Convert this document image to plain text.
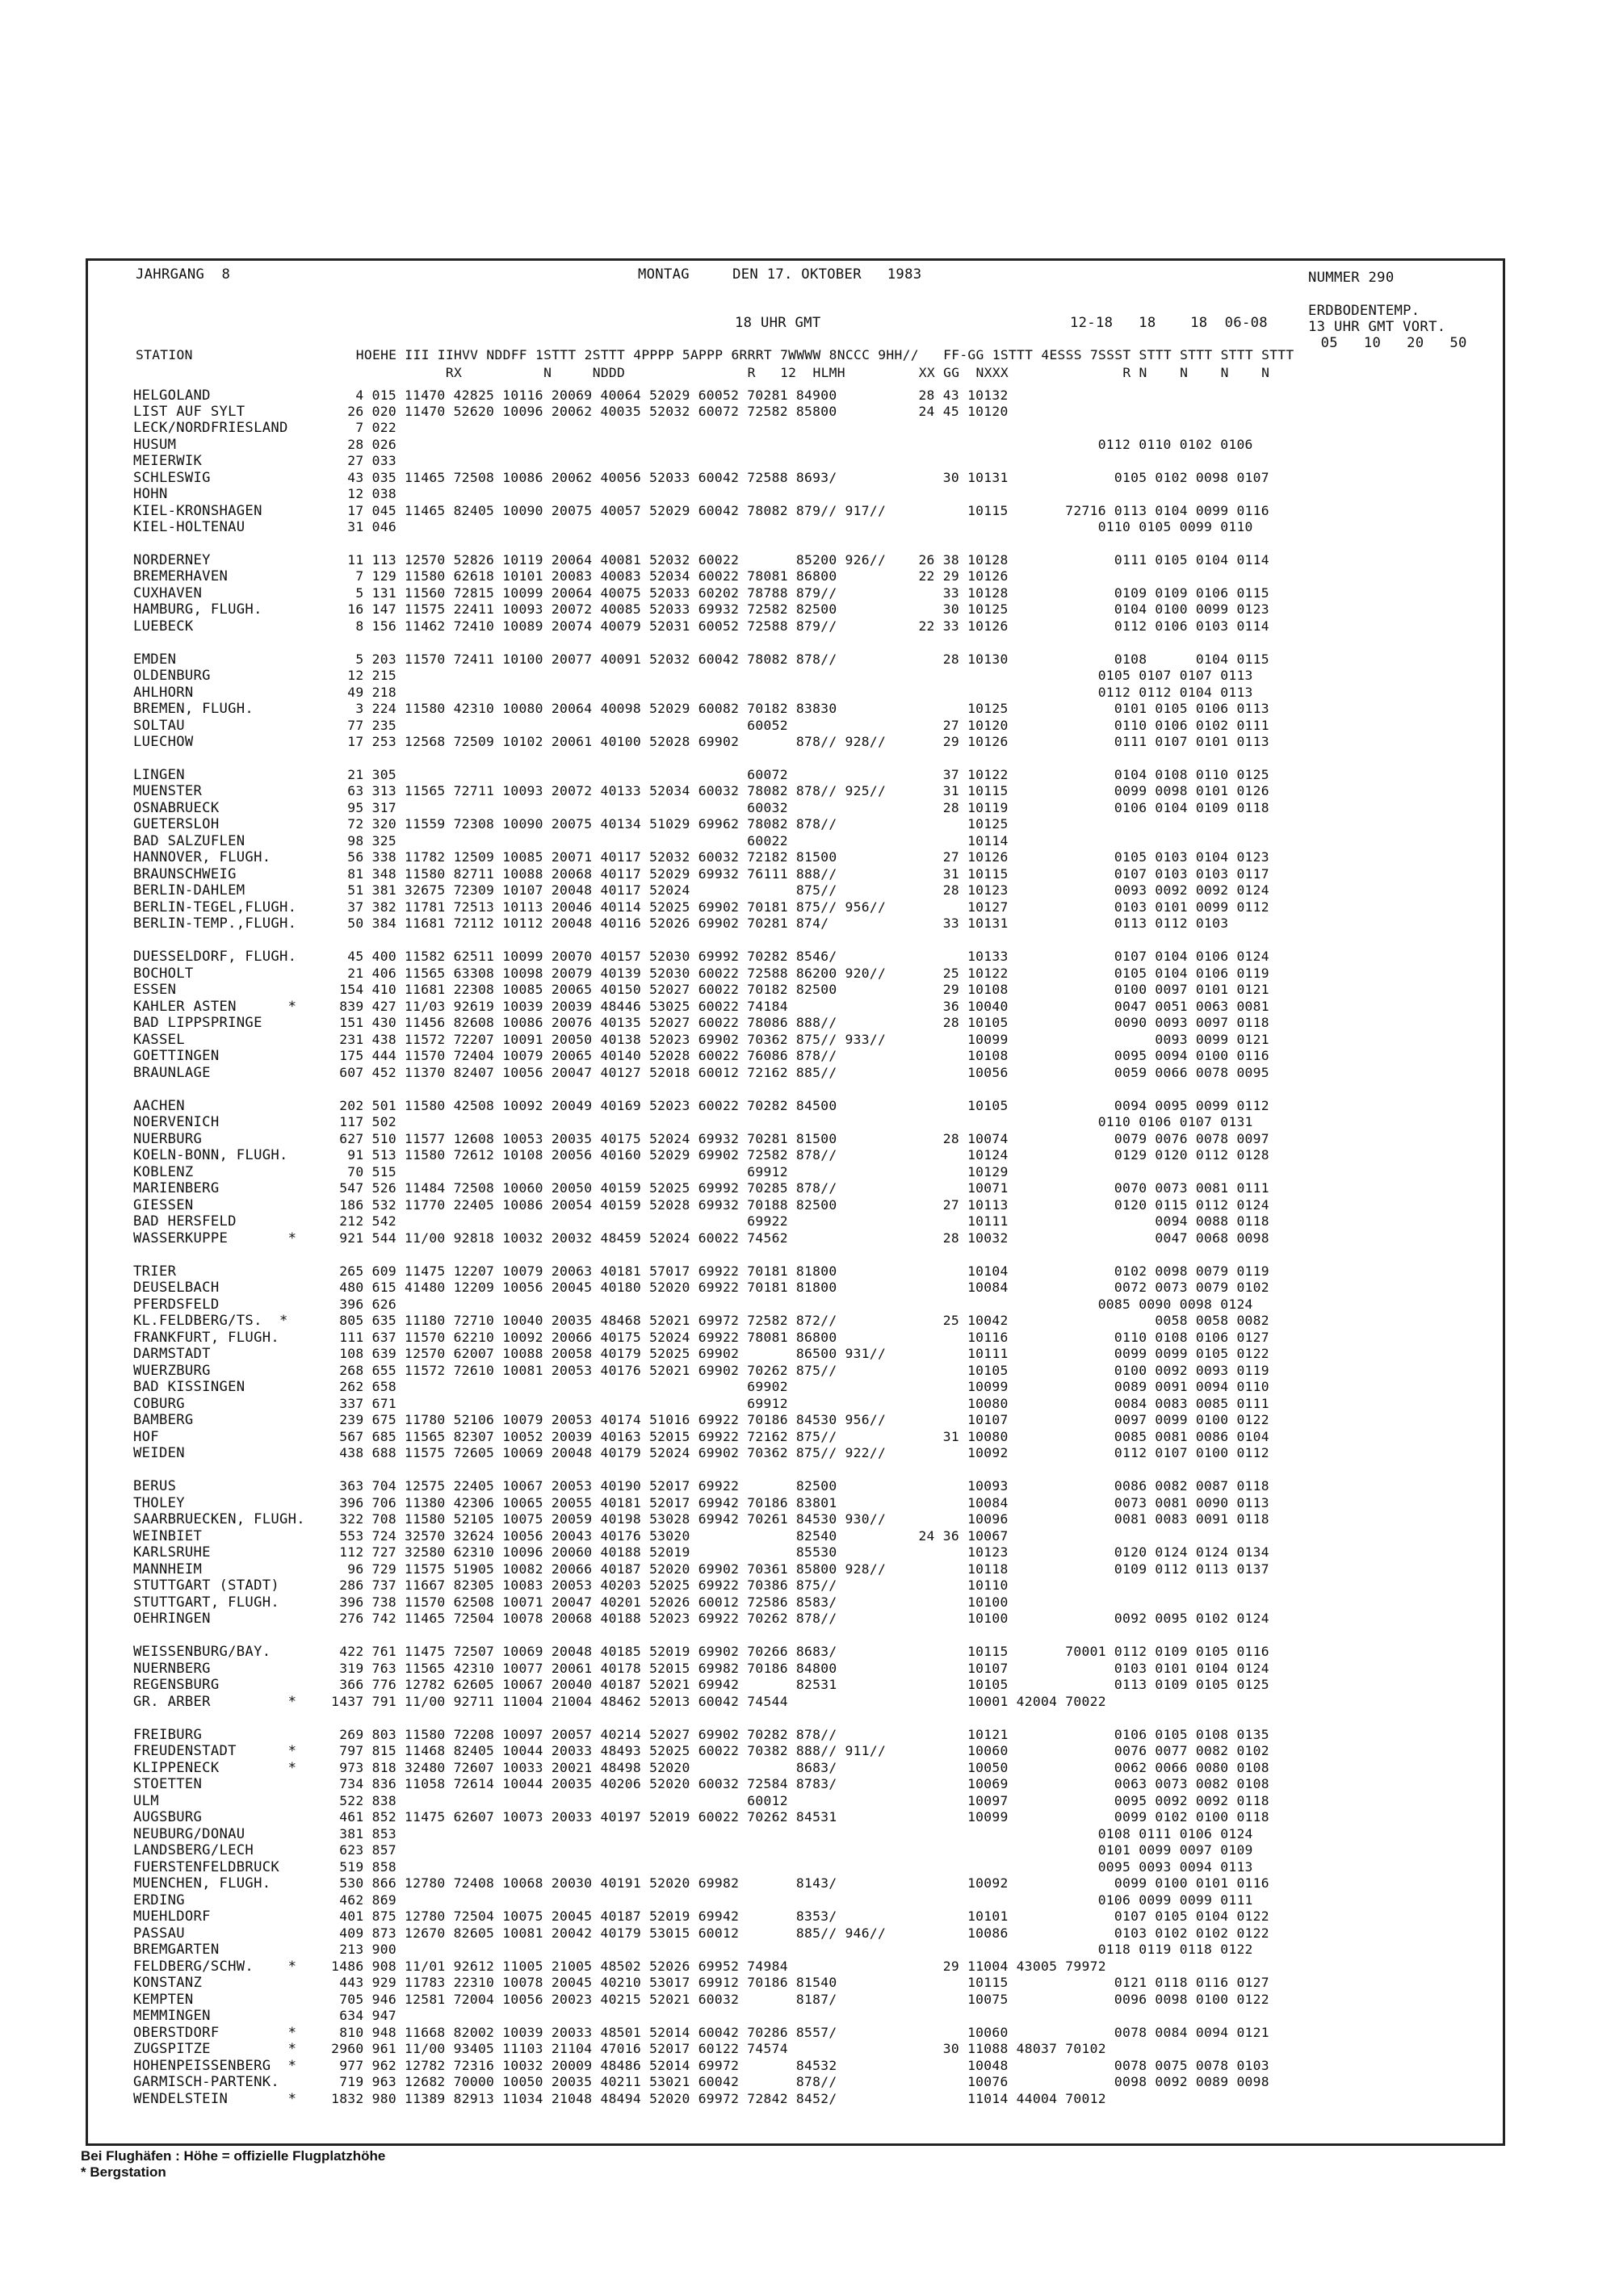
JAHRGANG  8	MONTAG     DEN 17. OKTOBER   1983	NUMMER 290
ERDBODENTEMP.
13 UHR GMT VORT.
05   10   20   50
18 UHR GMT	12-18   18    18  06-08
STATION                    HOEHE III IIHVV NDDFF 1STTT 2STTT 4PPPP 5APPP 6RRRT 7WWWW 8NCCC 9HH//   FF-GG 1STTT 4ESSS 7SSST STTT STTT STTT STTT
RX          N     NDDD               R   12  HLMH         XX GG  NXXX              R N    N    N    N
HELGOLAND	4 015 11470 42825 10116 20069 40064 52029 60052 70281 84900          28 43 10132
LIST AUF SYLT	26 020 11470 52620 10096 20062 40035 52032 60072 72582 85800          24 45 10120
LECK/NORDFRIESLAND	7 022
HUSUM	28 026                                                                                      0112 0110 0102 0106
MEIERWIK	27 033
SCHLESWIG	43 035 11465 72508 10086 20062 40056 52033 60042 72588 8693/             30 10131             0105 0102 0098 0107
HOHN	12 038
KIEL-KRONSHAGEN	17 045 11465 82405 10090 20075 40057 52029 60042 78082 879// 917//          10115       72716 0113 0104 0099 0116
KIEL-HOLTENAU	31 046                                                                                      0110 0105 0099 0110
NORDERNEY	11 113 12570 52826 10119 20064 40081 52032 60022       85200 926//    26 38 10128             0111 0105 0104 0114
BREMERHAVEN	7 129 11580 62618 10101 20083 40083 52034 60022 78081 86800          22 29 10126
CUXHAVEN	5 131 11560 72815 10099 20064 40075 52033 60202 78788 879//             33 10128             0109 0109 0106 0115
HAMBURG, FLUGH.	16 147 11575 22411 10093 20072 40085 52033 69932 72582 82500             30 10125             0104 0100 0099 0123
LUEBECK	8 156 11462 72410 10089 20074 40079 52031 60052 72588 879//          22 33 10126             0112 0106 0103 0114
EMDEN	5 203 11570 72411 10100 20077 40091 52032 60042 78082 878//             28 10130             0108      0104 0115
OLDENBURG	12 215                                                                                      0105 0107 0107 0113
AHLHORN	49 218                                                                                      0112 0112 0104 0113
BREMEN, FLUGH.	3 224 11580 42310 10080 20064 40098 52029 60082 70182 83830                10125             0101 0105 0106 0113
SOLTAU	77 235                                           60052                   27 10120             0110 0106 0102 0111
LUECHOW	17 253 12568 72509 10102 20061 40100 52028 69902       878// 928//       29 10126             0111 0107 0101 0113
LINGEN	21 305                                           60072                   37 10122             0104 0108 0110 0125
MUENSTER	63 313 11565 72711 10093 20072 40133 52034 60032 78082 878// 925//       31 10115             0099 0098 0101 0126
OSNABRUECK	95 317                                           60032                   28 10119             0106 0104 0109 0118
GUETERSLOH	72 320 11559 72308 10090 20075 40134 51029 69962 78082 878//                10125
BAD SALZUFLEN	98 325                                           60022                      10114
HANNOVER, FLUGH.	56 338 11782 12509 10085 20071 40117 52032 60032 72182 81500             27 10126             0105 0103 0104 0123
BRAUNSCHWEIG	81 348 11580 82711 10088 20068 40117 52029 69932 76111 888//             31 10115             0107 0103 0103 0117
BERLIN-DAHLEM	51 381 32675 72309 10107 20048 40117 52024             875//             28 10123             0093 0092 0092 0124
BERLIN-TEGEL,FLUGH. 37 382 11781 72513 10113 20046 40114 52025 69902 70181 875// 956//          10127             0103 0101 0099 0112
BERLIN-TEMP.,FLUGH. 50 384 11681 72112 10112 20048 40116 52026 69902 70281 874/              33 10131             0113 0112 0103
DUESSELDORF, FLUGH. 45 400 11582 62511 10099 20070 40157 52030 69992 70282 8546/                10133             0107 0104 0106 0124
BOCHOLT	21 406 11565 63308 10098 20079 40139 52030 60022 72588 86200 920//       25 10122             0105 0104 0106 0119
ESSEN	154 410 11681 22308 10085 20065 40150 52027 60022 70182 82500             29 10108             0100 0097 0101 0121
KAHLER ASTEN      * 839 427 11/03 92619 10039 20039 48446 53025 60022 74184                   36 10040             0047 0051 0063 0081
BAD LIPPSPRINGE	151 430 11456 82608 10086 20076 40135 52027 60022 78086 888//             28 10105             0090 0093 0097 0118
KASSEL	231 438 11572 72207 10091 20050 40138 52023 69902 70362 875// 933//          10099                  0093 0099 0121
GOETTINGEN	175 444 11570 72404 10079 20065 40140 52028 60022 76086 878//                10108             0095 0094 0100 0116
BRAUNLAGE	607 452 11370 82407 10056 20047 40127 52018 60012 72162 885//                10056             0059 0066 0078 0095
AACHEN	202 501 11580 42508 10092 20049 40169 52023 60022 70282 84500                10105             0094 0095 0099 0112
NOERVENICH	117 502                                                                                      0110 0106 0107 0131
NUERBURG	627 510 11577 12608 10053 20035 40175 52024 69932 70281 81500             28 10074             0079 0076 0078 0097
KOELN-BONN, FLUGH.	91 513 11580 72612 10108 20056 40160 52029 69902 72582 878//                10124             0129 0120 0112 0128
KOBLENZ	70 515                                           69912                      10129
MARIENBERG	547 526 11484 72508 10060 20050 40159 52025 69992 70285 878//                10071             0070 0073 0081 0111
GIESSEN	186 532 11770 22405 10086 20054 40159 52028 69932 70188 82500             27 10113             0120 0115 0112 0124
BAD HERSFELD	212 542                                           69922                      10111                  0094 0088 0118
WASSERKUPPE       * 921 544 11/00 92818 10032 20032 48459 52024 60022 74562                   28 10032                  0047 0068 0098
TRIER	265 609 11475 12207 10079 20063 40181 57017 69922 70181 81800                10104             0102 0098 0079 0119
DEUSELBACH	480 615 41480 12209 10056 20045 40180 52020 69922 70181 81800                10084             0072 0073 0079 0102
PFERDSFELD	396 626                                                                                      0085 0090 0098 0124
KL.FELDBERG/TS.  *	805 635 11180 72710 10040 20035 48468 52021 69972 72582 872//             25 10042                  0058 0058 0082
FRANKFURT, FLUGH.	111 637 11570 62210 10092 20066 40175 52024 69922 78081 86800                10116             0110 0108 0106 0127
DARMSTADT	108 639 12570 62007 10088 20058 40179 52025 69902       86500 931//          10111             0099 0099 0105 0122
WUERZBURG	268 655 11572 72610 10081 20053 40176 52021 69902 70262 875//                10105             0100 0092 0093 0119
BAD KISSINGEN	262 658                                           69902                      10099             0089 0091 0094 0110
COBURG	337 671                                           69912                      10080             0084 0083 0085 0111
BAMBERG	239 675 11780 52106 10079 20053 40174 51016 69922 70186 84530 956//          10107             0097 0099 0100 0122
HOF	567 685 11565 82307 10052 20039 40163 52015 69922 72162 875//             31 10080             0085 0081 0086 0104
WEIDEN	438 688 11575 72605 10069 20048 40179 52024 69902 70362 875// 922//          10092             0112 0107 0100 0112
BERUS	363 704 12575 22405 10067 20053 40190 52017 69922       82500                10093             0086 0082 0087 0118
THOLEY	396 706 11380 42306 10065 20055 40181 52017 69942 70186 83801                10084             0073 0081 0090 0113
SAARBRUECKEN, FLUGH. 322 708 11580 52105 10075 20059 40198 53028 69942 70261 84530 930//          10096             0081 0083 0091 0118
WEINBIET	553 724 32570 32624 10056 20043 40176 53020             82540          24 36 10067
KARLSRUHE	112 727 32580 62310 10096 20060 40188 52019             85530                10123             0120 0124 0124 0134
MANNHEIM	96 729 11575 51905 10082 20066 40187 52020 69902 70361 85800 928//          10118             0109 0112 0113 0137
STUTTGART (STADT)	286 737 11667 82305 10083 20053 40203 52025 69922 70386 875//                10110
STUTTGART, FLUGH.	396 738 11570 62508 10071 20047 40201 52026 60012 72586 8583/                10100
OEHRINGEN	276 742 11465 72504 10078 20068 40188 52023 69922 70262 878//                10100             0092 0095 0102 0124
WEISSENBURG/BAY.	422 761 11475 72507 10069 20048 40185 52019 69902 70266 8683/                10115       70001 0112 0109 0105 0116
NUERNBERG	319 763 11565 42310 10077 20061 40178 52015 69982 70186 84800                10107             0103 0101 0104 0124
REGENSBURG	366 776 12782 62605 10067 20040 40187 52021 69942       82531                10105             0113 0109 0105 0125
GR. ARBER         * 1437 791 11/00 92711 11004 21004 48462 52013 60042 74544                      10001 42004 70022
FREIBURG	269 803 11580 72208 10097 20057 40214 52027 69902 70282 878//                10121             0106 0105 0108 0135
FREUDENSTADT      * 797 815 11468 82405 10044 20033 48493 52025 60022 70382 888// 911//          10060             0076 0077 0082 0102
KLIPPENECK        * 973 818 32480 72607 10033 20021 48498 52020             8683/                10050             0062 0066 0080 0108
STOETTEN	734 836 11058 72614 10044 20035 40206 52020 60032 72584 8783/                10069             0063 0073 0082 0108
ULM	522 838                                           60012                      10097             0095 0092 0092 0118
AUGSBURG	461 852 11475 62607 10073 20033 40197 52019 60022 70262 84531                10099             0099 0102 0100 0118
NEUBURG/DONAU	381 853                                                                                      0108 0111 0106 0124
LANDSBERG/LECH	623 857                                                                                      0101 0099 0097 0109
FUERSTENFELDBRUCK	519 858                                                                                      0095 0093 0094 0113
MUENCHEN, FLUGH.	530 866 12780 72408 10068 20030 40191 52020 69982       8143/                10092             0099 0100 0101 0116
ERDING	462 869                                                                                      0106 0099 0099 0111
MUEHLDORF	401 875 12780 72504 10075 20045 40187 52019 69942       8353/                10101             0107 0105 0104 0122
PASSAU	409 873 12670 82605 10081 20042 40179 53015 60012       885// 946//          10086             0103 0102 0102 0122
BREMGARTEN	213 900                                                                                      0118 0119 0118 0122
FELDBERG/SCHW.    * 1486 908 11/01 92612 11005 21005 48502 52026 69952 74984                   29 11004 43005 79972
KONSTANZ	443 929 11783 22310 10078 20045 40210 53017 69912 70186 81540                10115             0121 0118 0116 0127
KEMPTEN	705 946 12581 72004 10056 20023 40215 52021 60032       8187/                10075             0096 0098 0100 0122
MEMMINGEN	634 947
OBERSTDORF        * 810 948 11668 82002 10039 20033 48501 52014 60042 70286 8557/                10060             0078 0084 0094 0121
ZUGSPITZE         * 2960 961 11/00 93405 11103 21104 47016 52017 60122 74574                   30 11088 48037 70102
HOHENPEISSENBERG  * 977 962 12782 72316 10032 20009 48486 52014 69972       84532                10048             0078 0075 0078 0103
GARMISCH-PARTENK.	719 963 12682 70000 10050 20035 40211 53021 60042       878//                10076             0098 0092 0089 0098
WENDELSTEIN       * 1832 980 11389 82913 11034 21048 48494 52020 69972 72842 8452/                11014 44004 70012
Bei Flughäfen : Höhe = offizielle Flugplatzhöhe
* Bergstation
